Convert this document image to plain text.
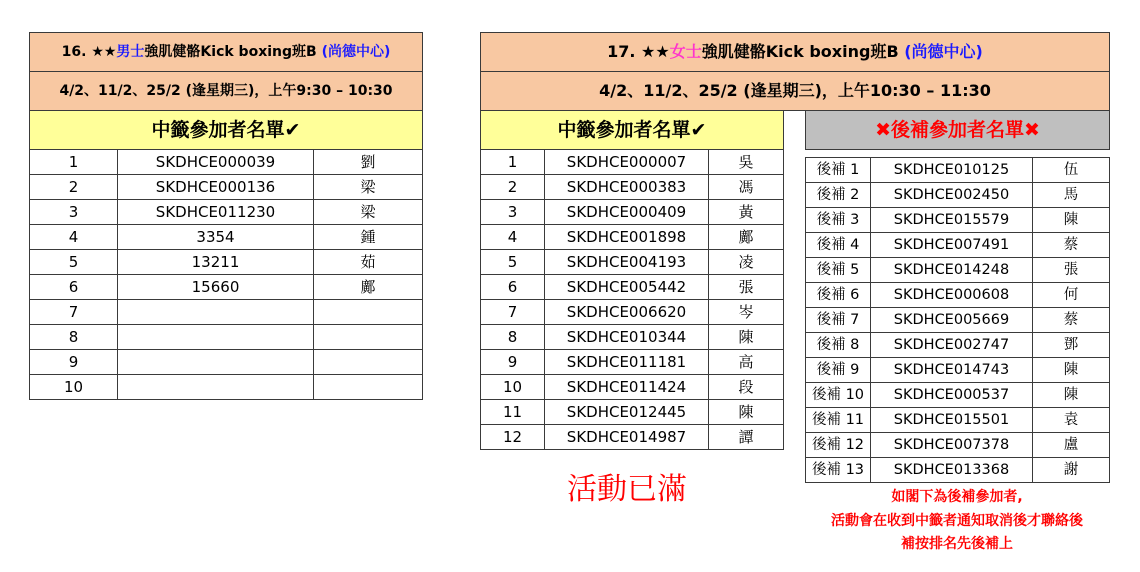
16. ★★男士強肌健骼Kick boxing班B (尚德中心)		
4/2、11/2、25/2 (逢星期三)，上午9:30 – 10:30		
中籤參加者名單✔		
1	SKDHCE000039	劉
2	SKDHCE000136	梁
3	SKDHCE011230	梁
4	3354	鍾
5	13211	茹
6	15660	鄺
7		
8		
9		
10		
17. ★★女士強肌健骼Kick boxing班B (尚德中心)				
4/2、11/2、25/2 (逢星期三)，上午10:30 – 11:30				
中籤參加者名單✔				✖後補參加者名單✖
1	SKDHCE000007	吳		
2	SKDHCE000383	馮		
3	SKDHCE000409	黃		
4	SKDHCE001898	鄺		
5	SKDHCE004193	凌		
6	SKDHCE005442	張		
7	SKDHCE006620	岑		
8	SKDHCE010344	陳		
9	SKDHCE011181	高		
10	SKDHCE011424	段		
11	SKDHCE012445	陳		
12	SKDHCE014987	譚		
後補 1	SKDHCE010125	伍
後補 2	SKDHCE002450	馬
後補 3	SKDHCE015579	陳
後補 4	SKDHCE007491	蔡
後補 5	SKDHCE014248	張
後補 6	SKDHCE000608	何
後補 7	SKDHCE005669	蔡
後補 8	SKDHCE002747	鄧
後補 9	SKDHCE014743	陳
後補 10	SKDHCE000537	陳
後補 11	SKDHCE015501	袁
後補 12	SKDHCE007378	盧
後補 13	SKDHCE013368	謝
活動已滿	如閣下為後補參加者,
活動會在收到中籤者通知取消後才聯絡後
補按排名先後補上
